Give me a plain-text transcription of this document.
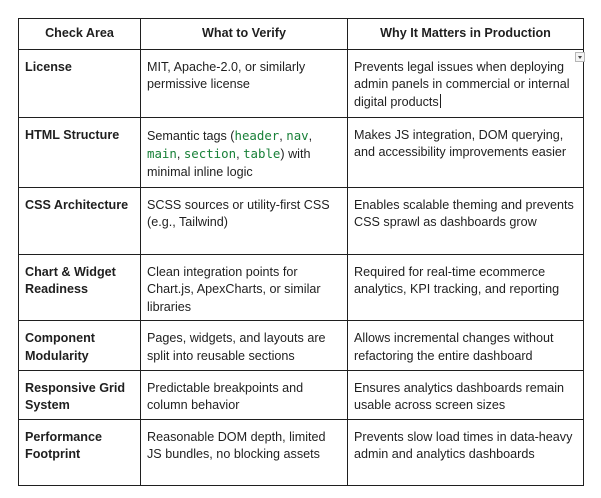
Check Area	What to Verify	Why It Matters in Production
License	MIT, Apache-2.0, or similarly permissive license	Prevents legal issues when deploying admin panels in commercial or internal digital products

HTML Structure	Semantic tags (header, nav, main, section, table) with minimal inline logic	Makes JS integration, DOM querying, and accessibility improvements easier
CSS Architecture	SCSS sources or utility-first CSS (e.g., Tailwind)	Enables scalable theming and prevents CSS sprawl as dashboards grow
Chart & Widget Readiness	Clean integration points for Chart.js, ApexCharts, or similar libraries	Required for real-time ecommerce analytics, KPI tracking, and reporting
Component Modularity	Pages, widgets, and layouts are split into reusable sections	Allows incremental changes without refactoring the entire dashboard
Responsive Grid System	Predictable breakpoints and column behavior	Ensures analytics dashboards remain usable across screen sizes
Performance Footprint	Reasonable DOM depth, limited JS bundles, no blocking assets	Prevents slow load times in data-heavy admin and analytics dashboards
